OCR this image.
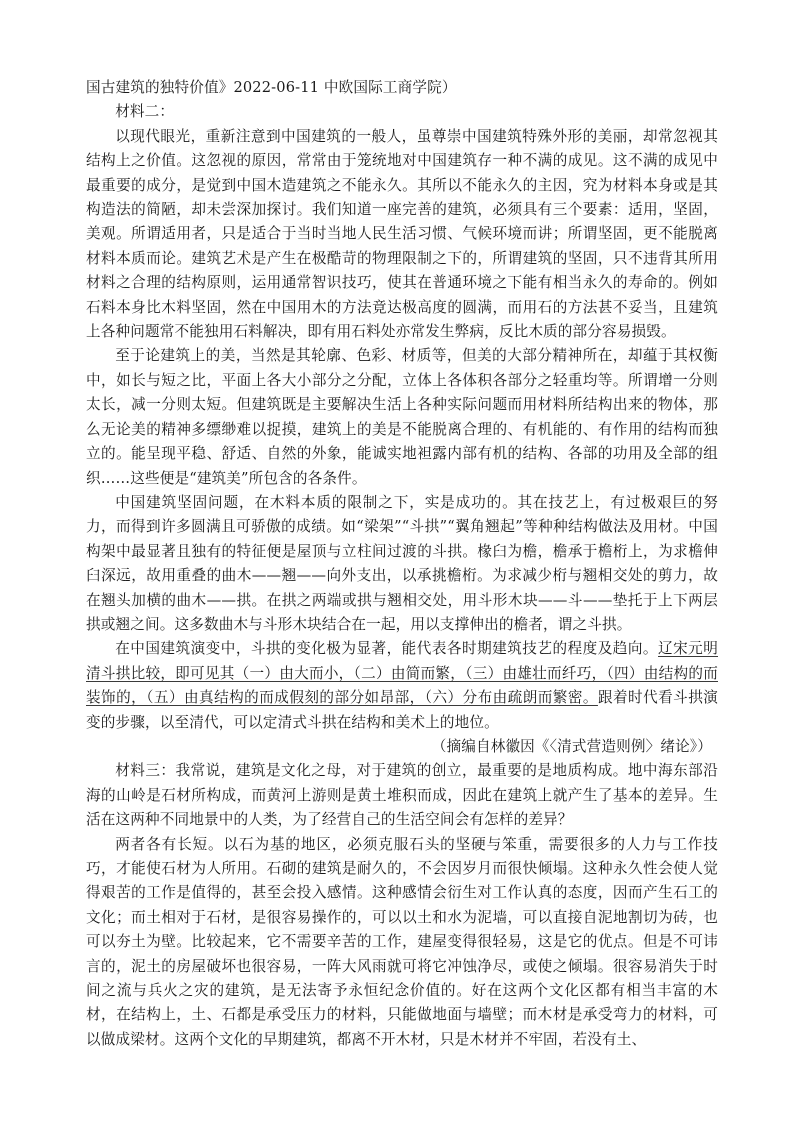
国古建筑的独特价值》2022-06-11 中欧国际工商学院）

材料二：

以现代眼光，重新注意到中国建筑的一般人，虽尊崇中国建筑特殊外形的美丽，却常忽视其结构上之价值。这忽视的原因，常常由于笼统地对中国建筑存一种不满的成见。这不满的成见中最重要的成分，是觉到中国木造建筑之不能永久。其所以不能永久的主因，究为材料本身或是其构造法的简陋，却未尝深加探讨。我们知道一座完善的建筑，必须具有三个要素：适用，坚固，美观。所谓适用者，只是适合于当时当地人民生活习惯、气候环境而讲；所谓坚固，更不能脱离材料本质而论。建筑艺术是产生在极酷苛的物理限制之下的，所谓建筑的坚固，只不违背其所用材料之合理的结构原则，运用通常智识技巧，使其在普通环境之下能有相当永久的寿命的。例如石料本身比木料坚固，然在中国用木的方法竟达极高度的圆满，而用石的方法甚不妥当，且建筑上各种问题常不能独用石料解决，即有用石料处亦常发生弊病，反比木质的部分容易损毁。

至于论建筑上的美，当然是其轮廓、色彩、材质等，但美的大部分精神所在，却蕴于其权衡中，如长与短之比，平面上各大小部分之分配，立体上各体积各部分之轻重均等。所谓增一分则太长，减一分则太短。但建筑既是主要解决生活上各种实际问题而用材料所结构出来的物体，那么无论美的精神多缥缈难以捉摸，建筑上的美是不能脱离合理的、有机能的、有作用的结构而独立的。能呈现平稳、舒适、自然的外象，能诚实地袒露内部有机的结构、各部的功用及全部的组织……这些便是“建筑美”所包含的各条件。

中国建筑坚固问题，在木料本质的限制之下，实是成功的。其在技艺上，有过极艰巨的努力，而得到许多圆满且可骄傲的成绩。如“梁架”“斗拱”“翼角翘起”等种种结构做法及用材。中国构架中最显著且独有的特征便是屋顶与立柱间过渡的斗拱。椽臼为檐，檐承于檐桁上，为求檐伸臼深远，故用重叠的曲木——翘——向外支出，以承挑檐桁。为求减少桁与翘相交处的剪力，故在翘头加横的曲木——拱。在拱之两端或拱与翘相交处，用斗形木块——斗——垫托于上下两层拱或翘之间。这多数曲木与斗形木块结合在一起，用以支撑伸出的檐者，谓之斗拱。

在中国建筑演变中，斗拱的变化极为显著，能代表各时期建筑技艺的程度及趋向。辽宋元明清斗拱比较，即可见其（一）由大而小，（二）由简而繁，（三）由雄壮而纤巧，（四）由结构的而装饰的，（五）由真结构的而成假刻的部分如昂部，（六）分布由疏朗而繁密。跟着时代看斗拱演变的步骤，以至清代，可以定清式斗拱在结构和美术上的地位。

（摘编自林徽因《〈清式营造则例〉绪论》）

材料三：我常说，建筑是文化之母，对于建筑的创立，最重要的是地质构成。地中海东部沿海的山岭是石材所构成，而黄河上游则是黄土堆积而成，因此在建筑上就产生了基本的差异。生活在这两种不同地景中的人类，为了经营自己的生活空间会有怎样的差异？

两者各有长短。以石为基的地区，必须克服石头的坚硬与笨重，需要很多的人力与工作技巧，才能使石材为人所用。石砌的建筑是耐久的，不会因岁月而很快倾塌。这种永久性会使人觉得艰苦的工作是值得的，甚至会投入感情。这种感情会衍生对工作认真的态度，因而产生石工的文化；而土相对于石材，是很容易操作的，可以以土和水为泥墙，可以直接自泥地割切为砖，也可以夯土为壁。比较起来，它不需要辛苦的工作，建屋变得很轻易，这是它的优点。但是不可讳言的，泥土的房屋破坏也很容易，一阵大风雨就可将它冲蚀净尽，或使之倾塌。很容易消失于时间之流与兵火之灾的建筑，是无法寄予永恒纪念价值的。好在这两个文化区都有相当丰富的木材，在结构上，土、石都是承受压力的材料，只能做地面与墙壁；而木材是承受弯力的材料，可以做成梁材。这两个文化的早期建筑，都离不开木材，只是木材并不牢固，若没有土、
